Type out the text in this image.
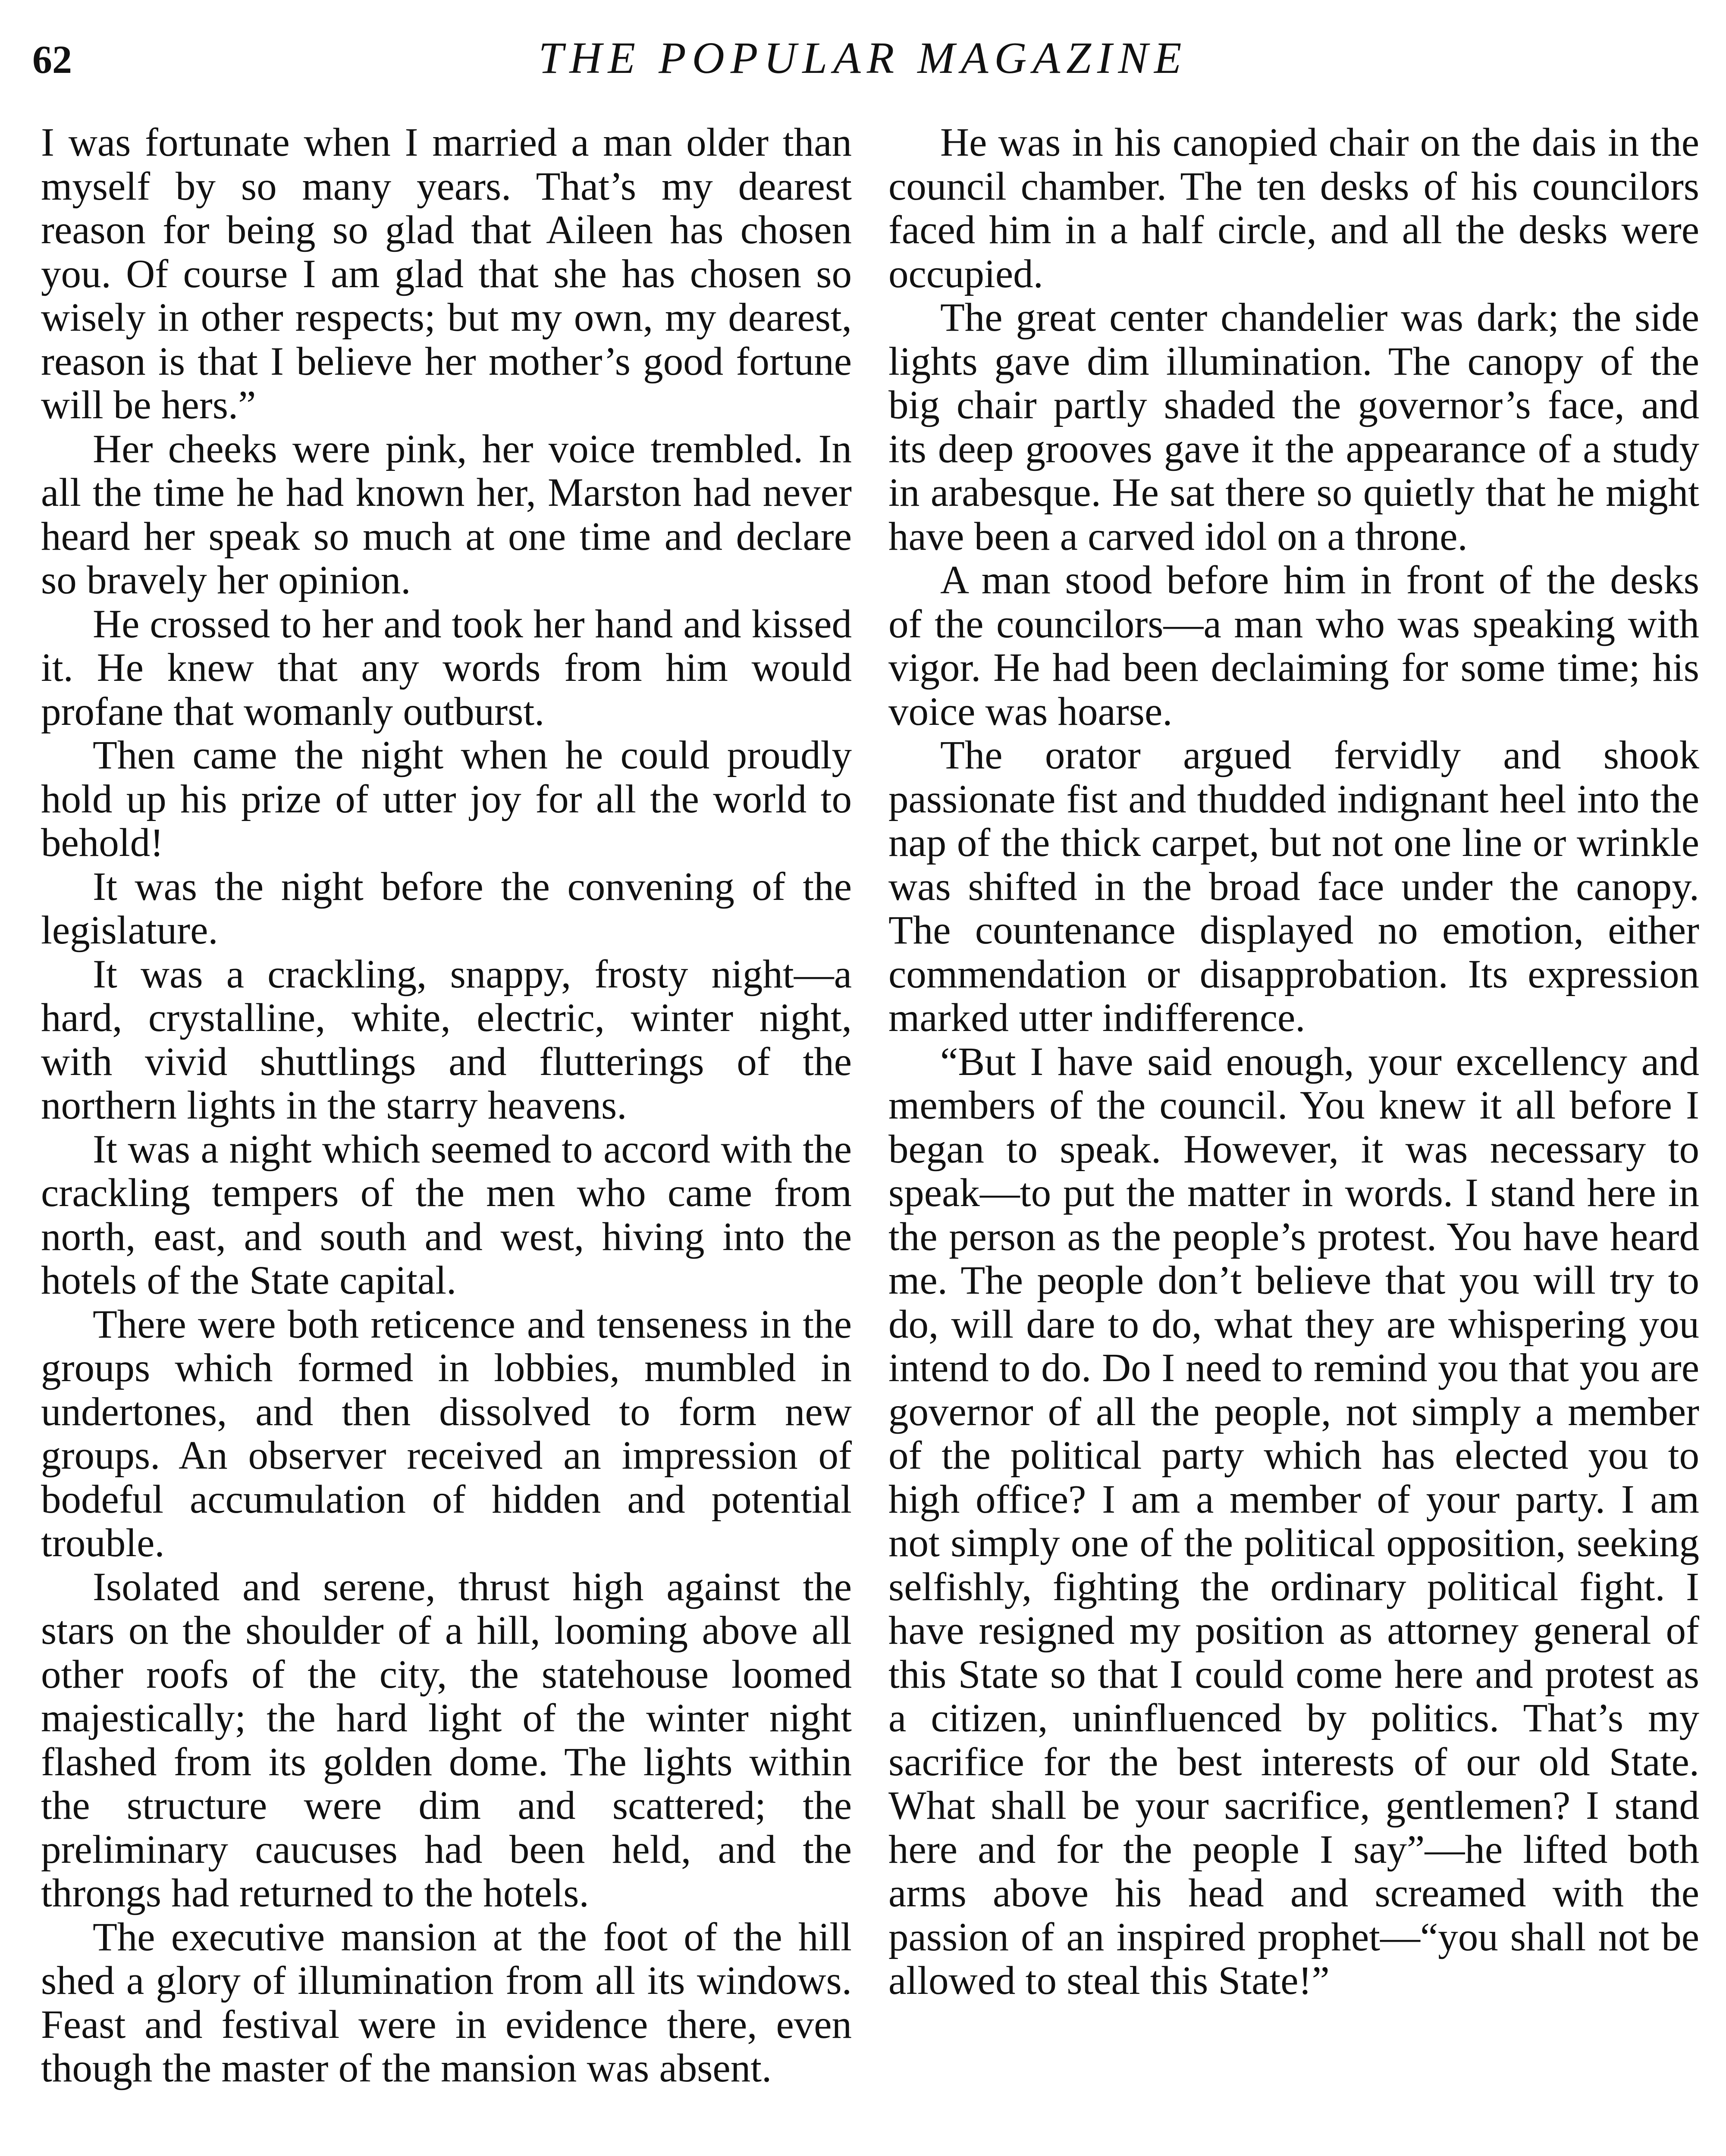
62	THE POPULAR MAGAZINE

I was fortunate when I married a man older than myself by so many years. That’s my dearest reason for being so glad that Aileen has chosen you. Of course I am glad that she has chosen so wisely in other respects; but my own, my dearest, reason is that I believe her mother’s good fortune will be hers.”

Her cheeks were pink, her voice trembled. In all the time he had known her, Marston had never heard her speak so much at one time and declare so bravely her opinion.

He crossed to her and took her hand and kissed it. He knew that any words from him would profane that womanly outburst.

Then came the night when he could proudly hold up his prize of utter joy for all the world to behold!

It was the night before the convening of the legislature.

It was a crackling, snappy, frosty night—a hard, crystalline, white, electric, winter night, with vivid shuttlings and flutterings of the northern lights in the starry heavens.

It was a night which seemed to accord with the crackling tempers of the men who came from north, east, and south and west, hiving into the hotels of the State capital.

There were both reticence and tenseness in the groups which formed in lobbies, mumbled in undertones, and then dissolved to form new groups. An observer received an impression of bodeful accumulation of hidden and potential trouble.

Isolated and serene, thrust high against the stars on the shoulder of a hill, looming above all other roofs of the city, the statehouse loomed majestically; the hard light of the winter night flashed from its golden dome. The lights within the structure were dim and scattered; the preliminary caucuses had been held, and the throngs had returned to the hotels.

The executive mansion at the foot of the hill shed a glory of illumination from all its windows. Feast and festival were in evidence there, even though the master of the mansion was absent.

He was in his canopied chair on the dais in the council chamber. The ten desks of his councilors faced him in a half circle, and all the desks were occupied.

The great center chandelier was dark; the side lights gave dim illumination. The canopy of the big chair partly shaded the governor’s face, and its deep grooves gave it the appearance of a study in arabesque. He sat there so quietly that he might have been a carved idol on a throne.

A man stood before him in front of the desks of the councilors—a man who was speaking with vigor. He had been declaiming for some time; his voice was hoarse.

The orator argued fervidly and shook passionate fist and thudded indignant heel into the nap of the thick carpet, but not one line or wrinkle was shifted in the broad face under the canopy. The countenance displayed no emotion, either commendation or disapprobation. Its expression marked utter indifference.

“But I have said enough, your excellency and members of the council. You knew it all before I began to speak. However, it was necessary to speak—to put the matter in words. I stand here in the person as the people’s protest. You have heard me. The people don’t believe that you will try to do, will dare to do, what they are whispering you intend to do. Do I need to remind you that you are governor of all the people, not simply a member of the political party which has elected you to high office? I am a member of your party. I am not simply one of the political opposition, seeking selfishly, fighting the ordinary political fight. I have resigned my position as attorney general of this State so that I could come here and protest as a citizen, uninfluenced by politics. That’s my sacrifice for the best interests of our old State. What shall be your sacrifice, gentlemen? I stand here and for the people I say”—he lifted both arms above his head and screamed with the passion of an inspired prophet—“you shall not be allowed to steal this State!”
